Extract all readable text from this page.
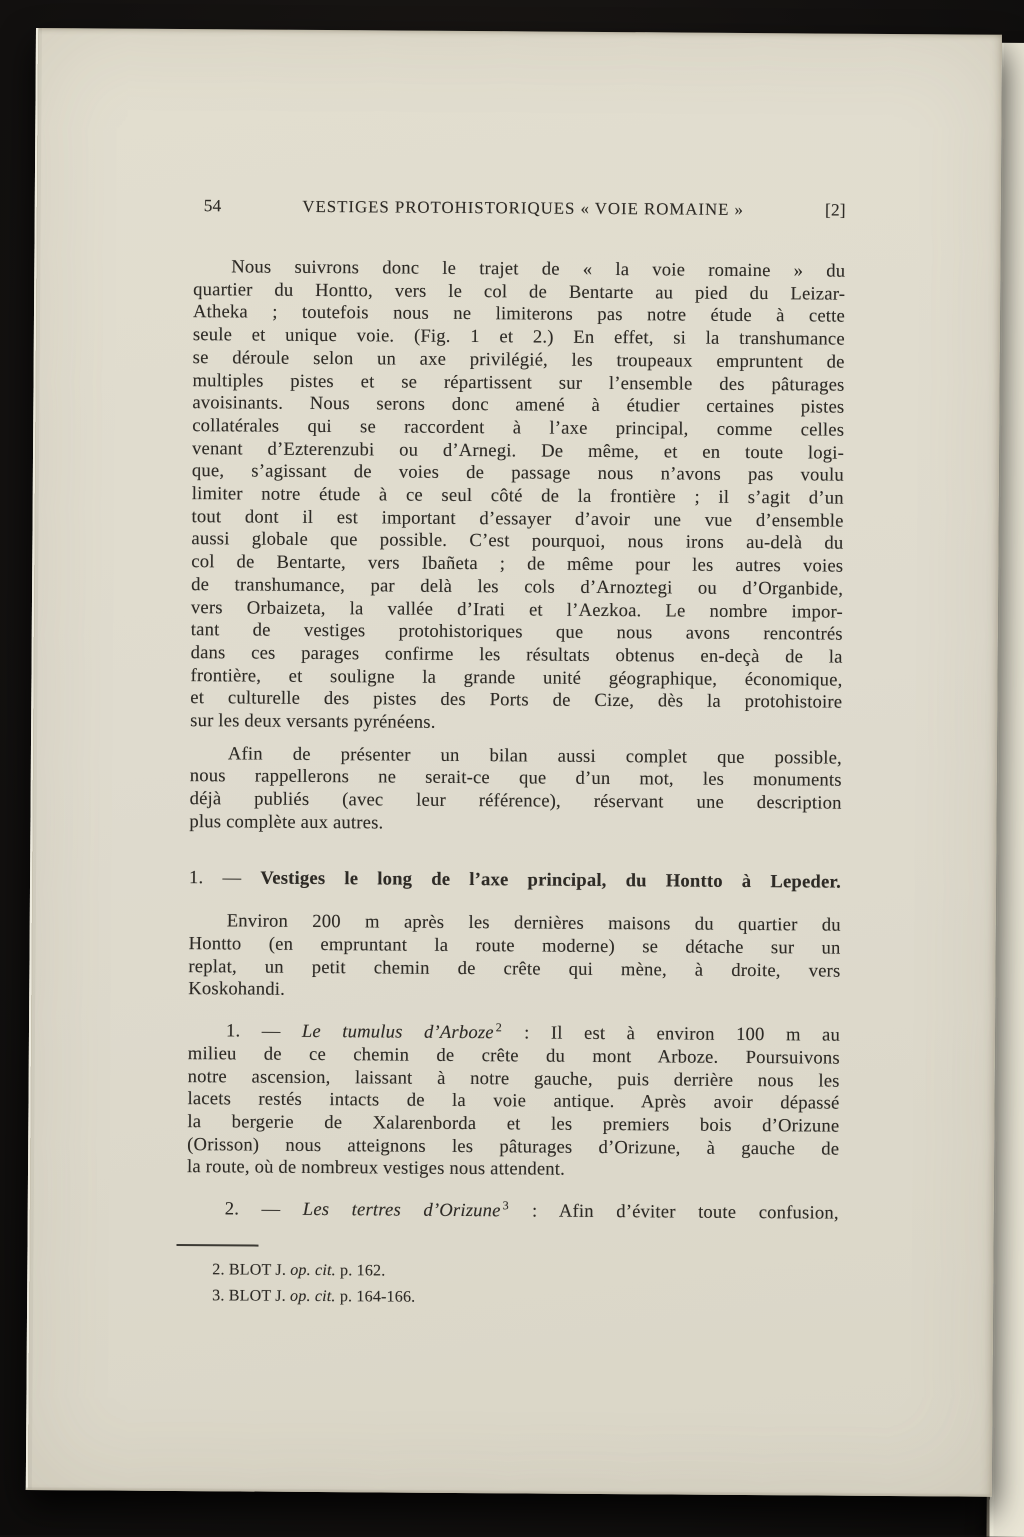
54	VESTIGES PROTOHISTORIQUES « VOIE ROMAINE »	[2]
Nous suivrons donc le trajet de « la voie romaine » du
quartier du Hontto, vers le col de Bentarte au pied du Leizar-
Atheka ; toutefois nous ne limiterons pas notre étude à cette
seule et unique voie. (Fig. 1 et 2.) En effet, si la transhumance
se déroule selon un axe privilégié, les troupeaux empruntent de
multiples pistes et se répartissent sur l’ensemble des pâturages
avoisinants. Nous serons donc amené à étudier certaines pistes
collatérales qui se raccordent à l’axe principal, comme celles
venant d’Ezterenzubi ou d’Arnegi. De même, et en toute logi-
que, s’agissant de voies de passage nous n’avons pas voulu
limiter notre étude à ce seul côté de la frontière ; il s’agit d’un
tout dont il est important d’essayer d’avoir une vue d’ensemble
aussi globale que possible. C’est pourquoi, nous irons au-delà du
col de Bentarte, vers Ibañeta ; de même pour les autres voies
de transhumance, par delà les cols d’Arnoztegi ou d’Organbide,
vers Orbaizeta, la vallée d’Irati et l’Aezkoa. Le nombre impor-
tant de vestiges protohistoriques que nous avons rencontrés
dans ces parages confirme les résultats obtenus en-deçà de la
frontière, et souligne la grande unité géographique, économique,
et culturelle des pistes des Ports de Cize, dès la protohistoire
sur les deux versants pyrénéens.
Afin de présenter un bilan aussi complet que possible,
nous rappellerons ne serait-ce que d’un mot, les monuments
déjà publiés (avec leur référence), réservant une description
plus complète aux autres.
1. — Vestiges le long de l’axe principal, du Hontto à Lepeder.
Environ 200 m après les dernières maisons du quartier du
Hontto (en empruntant la route moderne) se détache sur un
replat, un petit chemin de crête qui mène, à droite, vers
Koskohandi.
1. — Le tumulus d’Arboze $^2$ : Il est à environ 100 m au
milieu de ce chemin de crête du mont Arboze. Poursuivons
notre ascension, laissant à notre gauche, puis derrière nous les
lacets restés intacts de la voie antique. Après avoir dépassé
la bergerie de Xalarenborda et les premiers bois d’Orizune
(Orisson) nous atteignons les pâturages d’Orizune, à gauche de
la route, où de nombreux vestiges nous attendent.
2. — Les tertres d’Orizune $^3$ : Afin d’éviter toute confusion,
2. BLOT J. op. cit. p. 162.
3. BLOT J. op. cit. p. 164-166.
